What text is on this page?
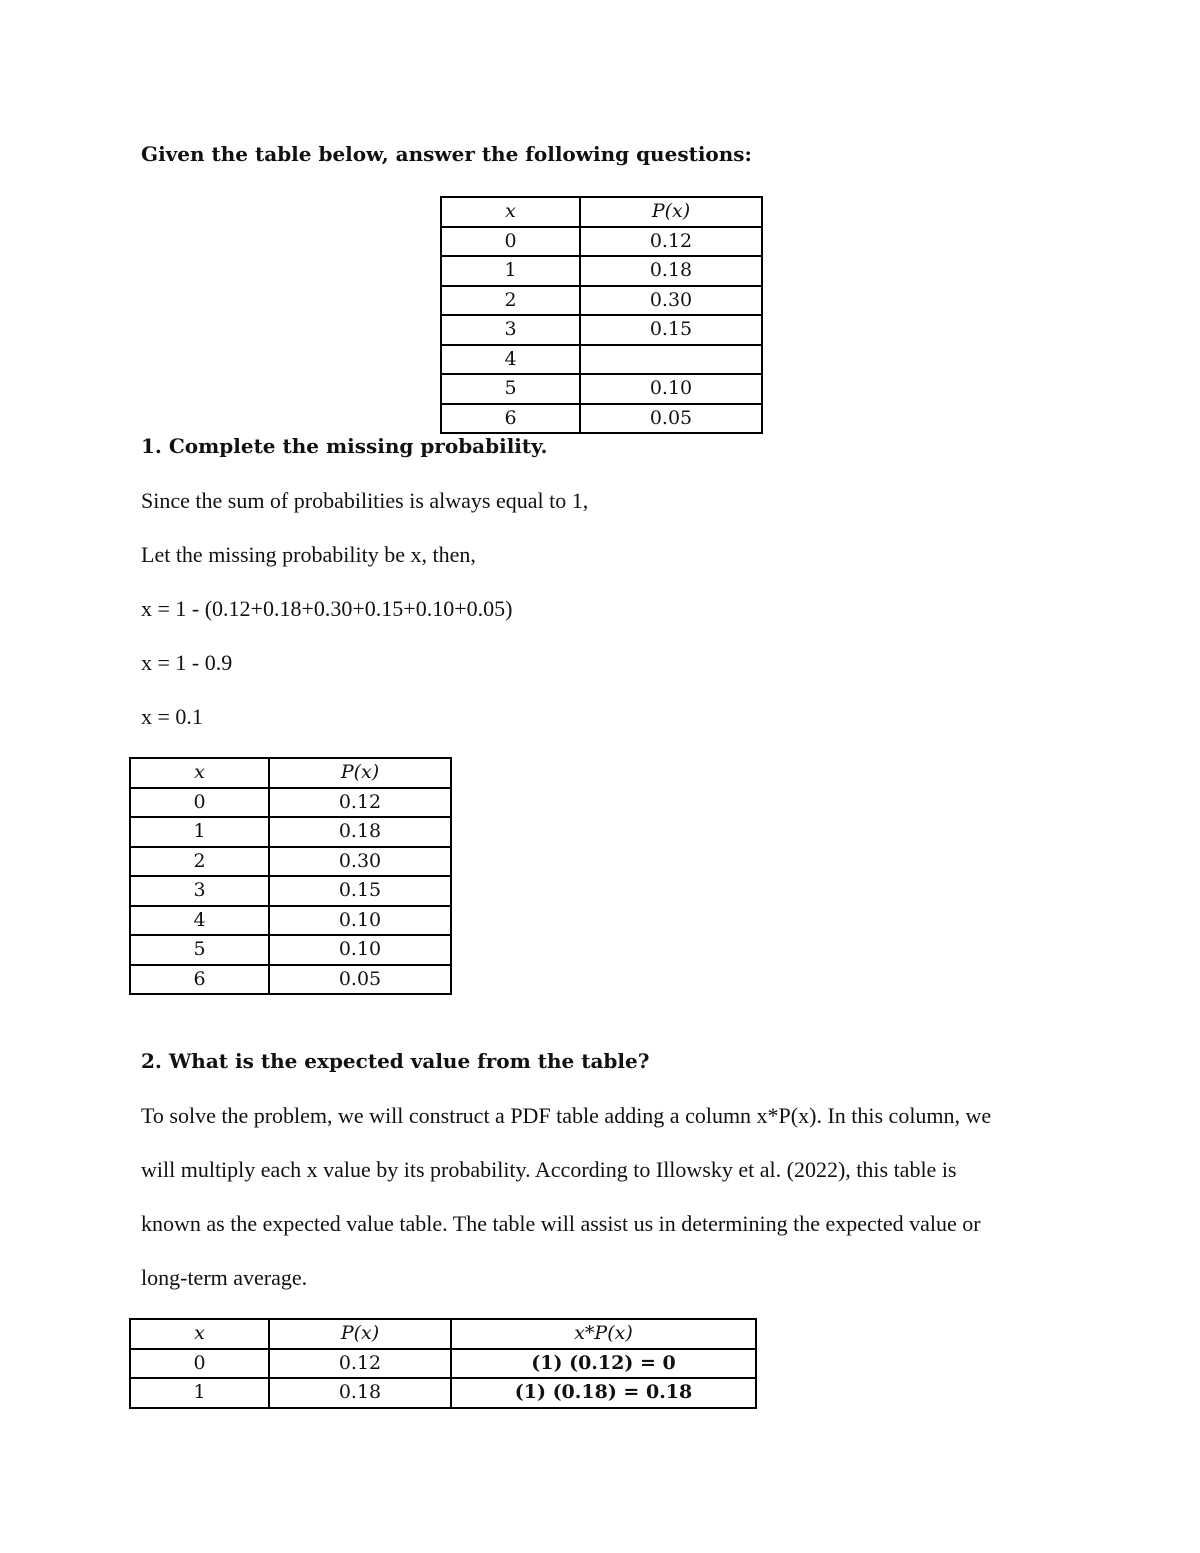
Given the table below, answer the following questions:
x	P(x)
0	0.12
1	0.18
2	0.30
3	0.15
4	
5	0.10
6	0.05
1. Complete the missing probability.
Since the sum of probabilities is always equal to 1,
Let the missing probability be x, then,
x = 1 - (0.12+0.18+0.30+0.15+0.10+0.05)
x = 1 - 0.9
x = 0.1
x	P(x)
0	0.12
1	0.18
2	0.30
3	0.15
4	0.10
5	0.10
6	0.05
2. What is the expected value from the table?
To solve the problem, we will construct a PDF table adding a column x*P(x). In this column, we
will multiply each x value by its probability. According to Illowsky et al. (2022), this table is
known as the expected value table. The table will assist us in determining the expected value or
long-term average.
x	P(x)	x*P(x)
0	0.12	(1) (0.12) = 0
1	0.18	(1) (0.18) = 0.18
